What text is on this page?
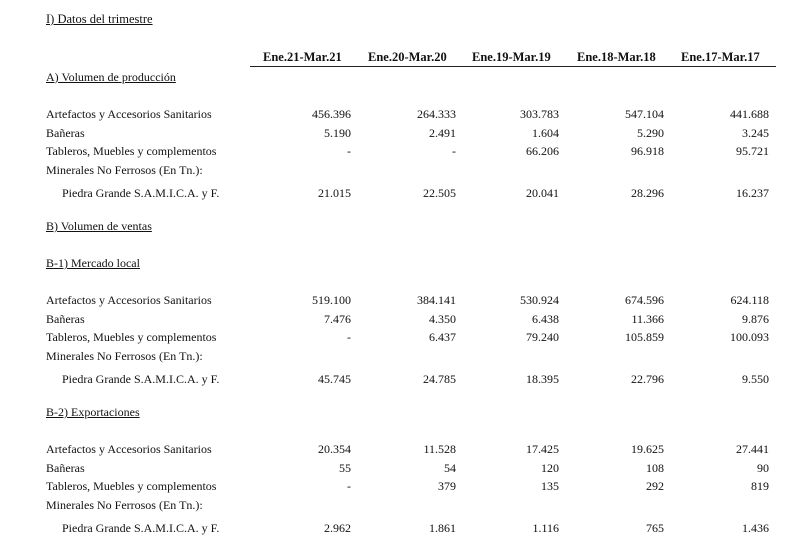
I) Datos del trimestre
Ene.21-Mar.21 Ene.20-Mar.20 Ene.19-Mar.19 Ene.18-Mar.18 Ene.17-Mar.17
A) Volumen de producción
Artefactos y Accesorios Sanitarios	456.396	264.333	303.783	547.104	441.688
Bañeras	5.190	2.491	1.604	5.290	3.245
Tableros, Muebles y complementos	-	-	66.206	96.918	95.721
Minerales No Ferrosos (En Tn.):
Piedra Grande S.A.M.I.C.A. y F.	21.015	22.505	20.041	28.296	16.237
B) Volumen de ventas
B-1) Mercado local
Artefactos y Accesorios Sanitarios	519.100	384.141	530.924	674.596	624.118
Bañeras	7.476	4.350	6.438	11.366	9.876
Tableros, Muebles y complementos	-	6.437	79.240	105.859	100.093
Minerales No Ferrosos (En Tn.):
Piedra Grande S.A.M.I.C.A. y F.	45.745	24.785	18.395	22.796	9.550
B-2) Exportaciones
Artefactos y Accesorios Sanitarios	20.354	11.528	17.425	19.625	27.441
Bañeras	55	54	120	108	90
Tableros, Muebles y complementos	-	379	135	292	819
Minerales No Ferrosos (En Tn.):
Piedra Grande S.A.M.I.C.A. y F.	2.962	1.861	1.116	765	1.436
